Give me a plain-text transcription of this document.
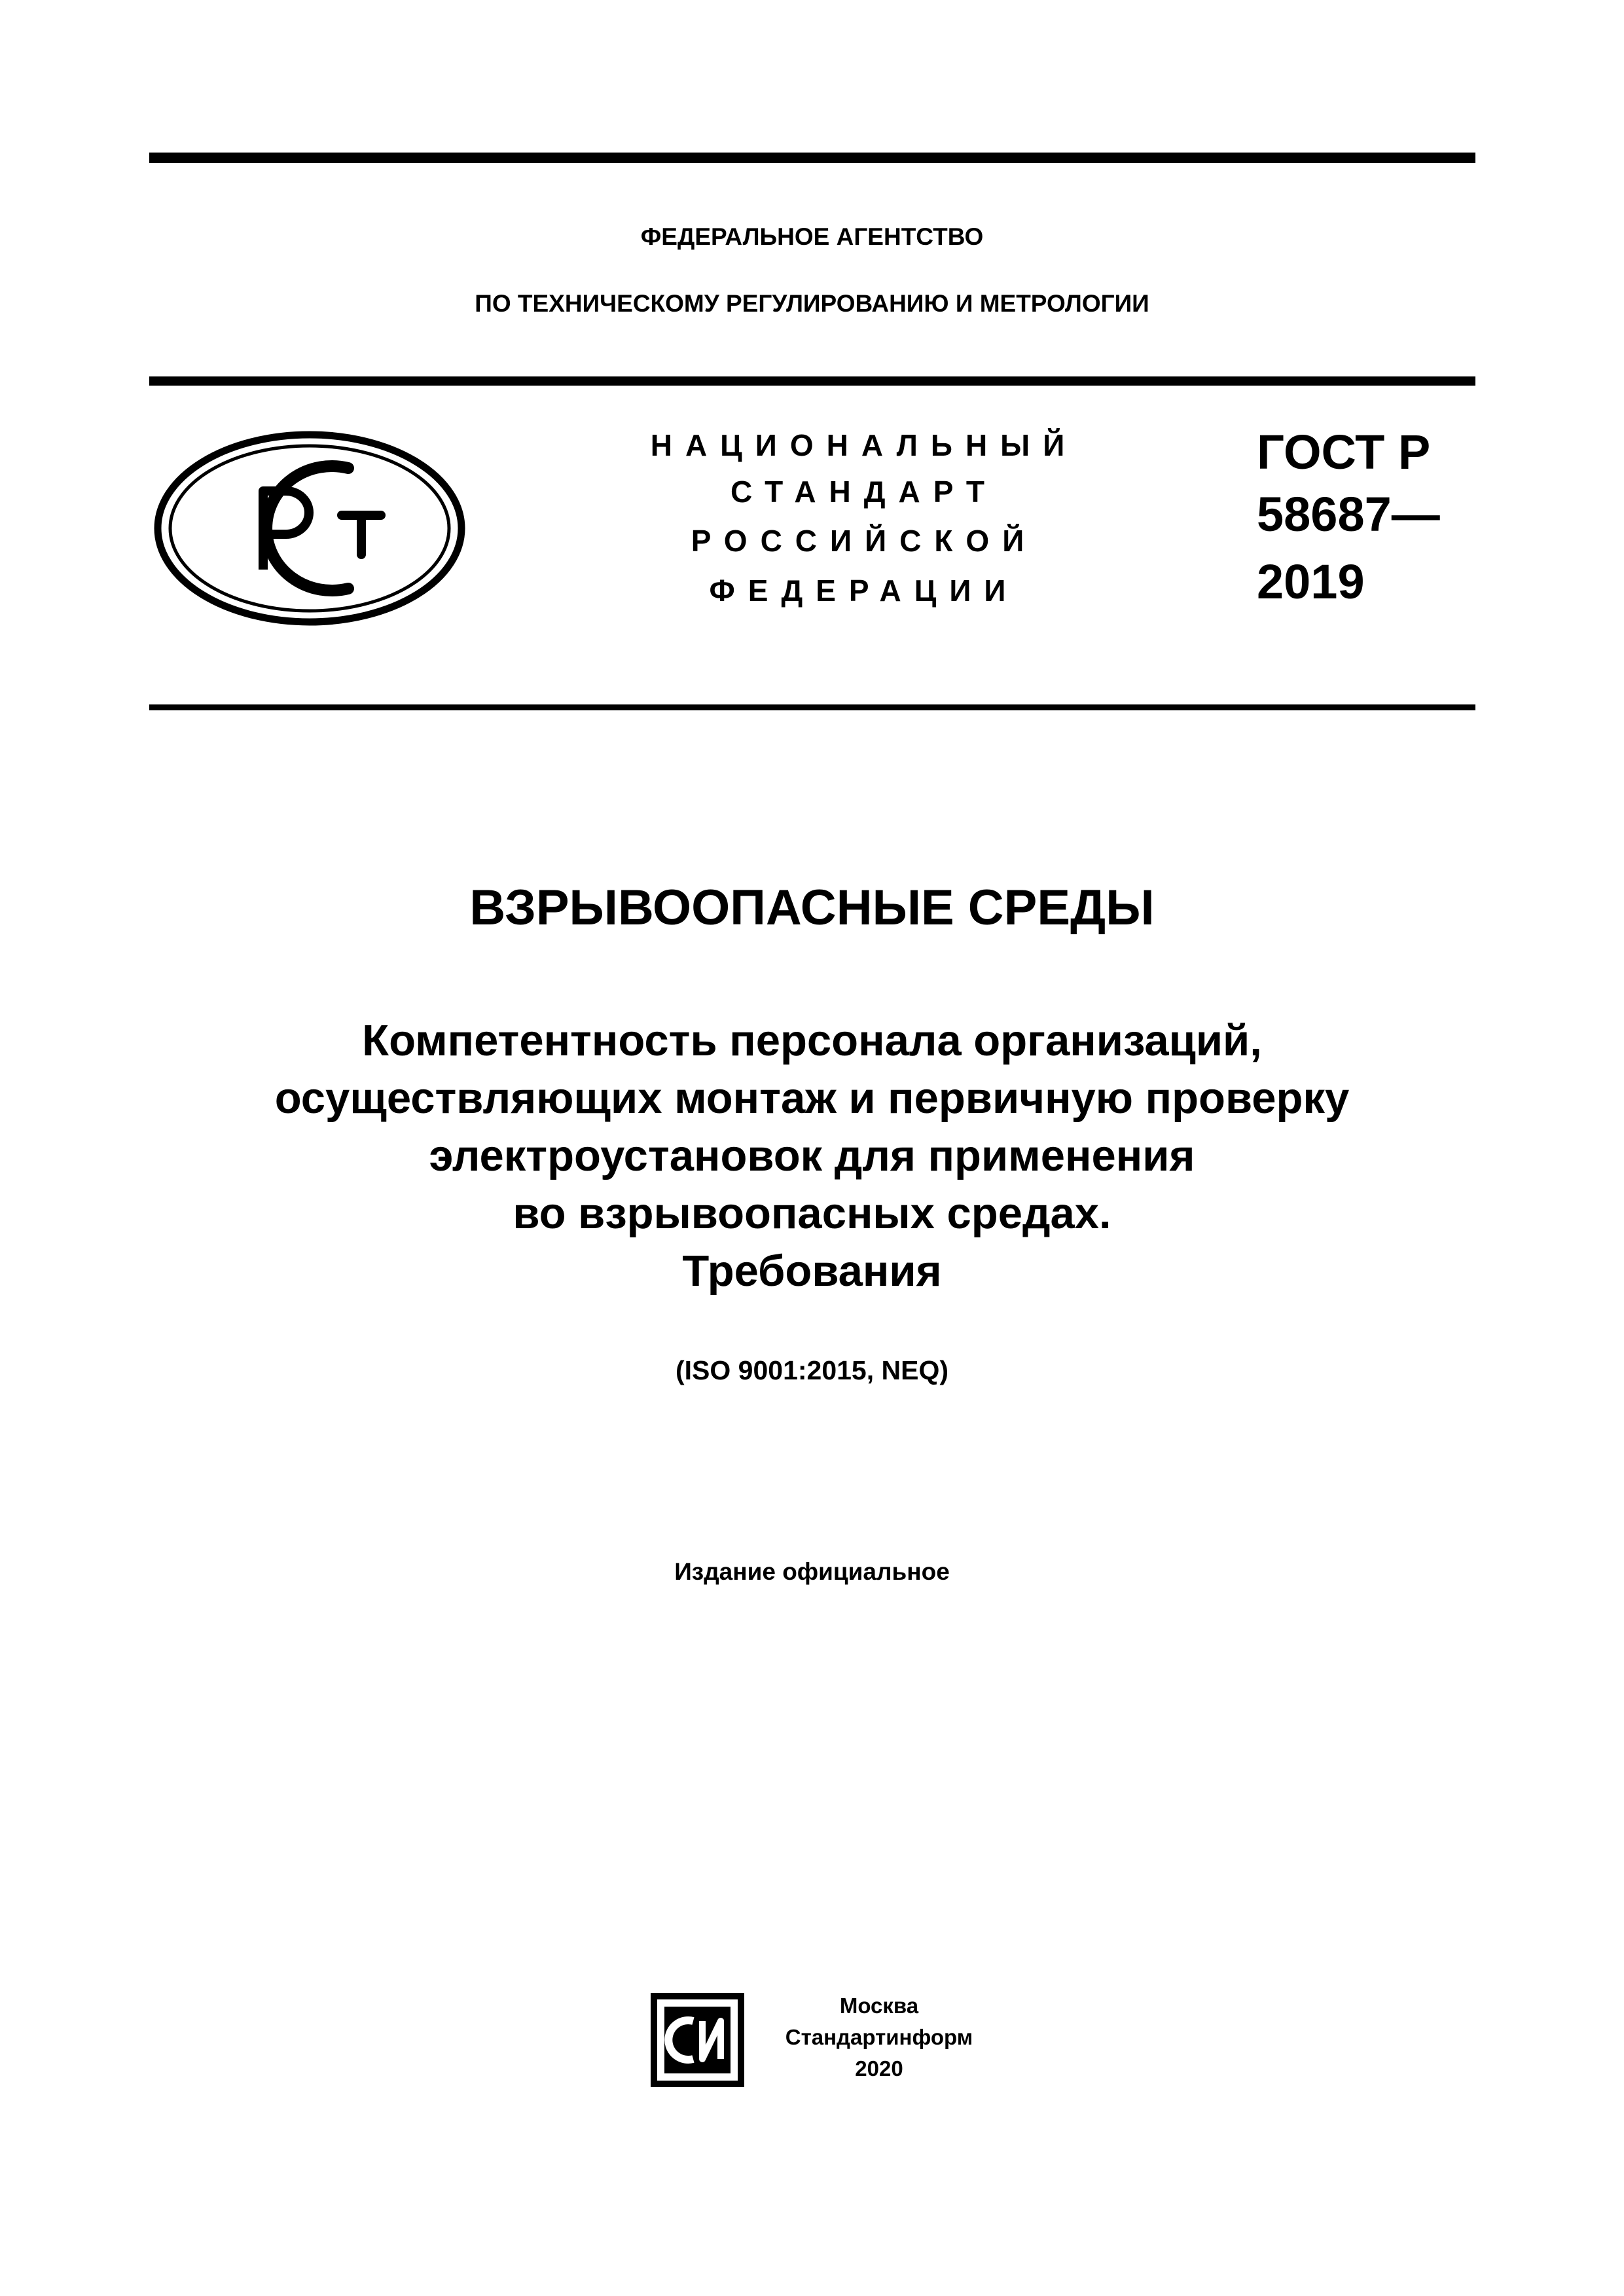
ФЕДЕРАЛЬНОЕ АГЕНТСТВО
ПО ТЕХНИЧЕСКОМУ РЕГУЛИРОВАНИЮ И МЕТРОЛОГИИ
НАЦИОНАЛЬНЫЙ
СТАНДАРТ
РОССИЙСКОЙ
ФЕДЕРАЦИИ
ГОСТ Р
58687—
2019
ВЗРЫВООПАСНЫЕ СРЕДЫ
Компетентность персонала организаций,
осуществляющих монтаж и первичную проверку
электроустановок для применения
во взрывоопасных средах.
Требования
(ISO 9001:2015, NEQ)
Издание официальное
Москва
Стандартинформ
2020
